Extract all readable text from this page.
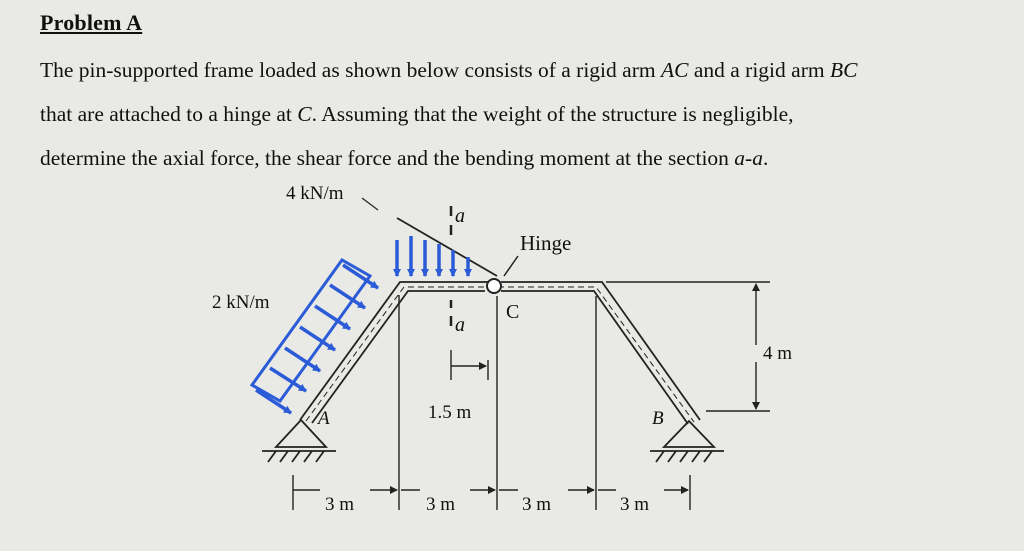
Problem A
The pin-supported frame loaded as shown below consists of a rigid arm AC and a rigid arm BC
that are attached to a hinge at C. Assuming that the weight of the structure is negligible,
determine the axial force, the shear force and the bending moment at the section a-a.
Hinge
C
A	B
2 kN/m
4 kN/m
a
a
1.5 m
4 m
3 m	3 m	3 m	3 m
